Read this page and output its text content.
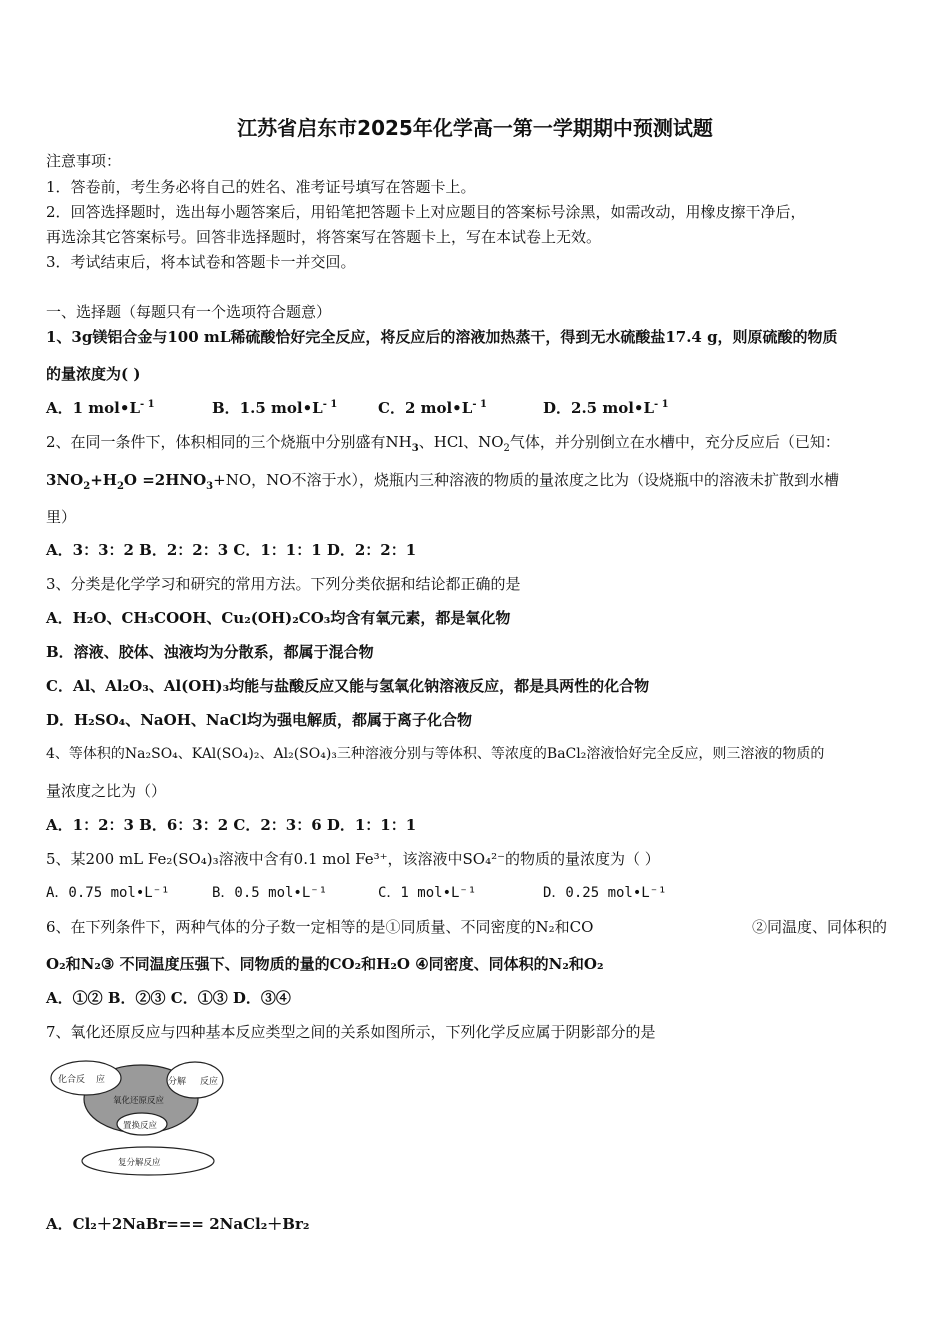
江苏省启东市2025年化学高一第一学期期中预测试题
注意事项：
1．答卷前，考生务必将自己的姓名、准考证号填写在答题卡上。
2．回答选择题时，选出每小题答案后，用铅笔把答题卡上对应题目的答案标号涂黑，如需改动，用橡皮擦干净后，
再选涂其它答案标号。回答非选择题时，将答案写在答题卡上，写在本试卷上无效。
3．考试结束后，将本试卷和答题卡一并交回。
一、选择题（每题只有一个选项符合题意）
1、3g镁铝合金与100 mL稀硫酸恰好完全反应，将反应后的溶液加热蒸干，得到无水硫酸盐17.4 g，则原硫酸的物质
的量浓度为( )
A．1 $mol•L^{- 1}$	B．1.5 $mol•L^{- 1}$	C．2 $mol•L^{- 1}$	D．2.5 $mol•L^{- 1}$
2、在同一条件下，体积相同的三个烧瓶中分别盛有$NH_3$、HCl、$NO_2$气体，并分别倒立在水槽中，充分反应后（已知：
$3NO_2+H_2O =2HNO_3+NO$，NO不溶于水），烧瓶内三种溶液的物质的量浓度之比为（设烧瓶中的溶液未扩散到水槽
里）
A．3：3：2 B．2：2：3 C．1：1：1 D．2：2：1
3、分类是化学学习和研究的常用方法。下列分类依据和结论都正确的是
A．H₂O、CH₃COOH、Cu₂(OH)₂CO₃均含有氧元素，都是氧化物
B．溶液、胶体、浊液均为分散系，都属于混合物
C．Al、Al₂O₃、Al(OH)₃均能与盐酸反应又能与氢氧化钠溶液反应，都是具两性的化合物
D．H₂SO₄、NaOH、NaCl均为强电解质，都属于离子化合物
4、等体积的Na₂SO₄、KAl(SO₄)₂、Al₂(SO₄)₃三种溶液分别与等体积、等浓度的BaCl₂溶液恰好完全反应，则三溶液的物质的
量浓度之比为（）
A．1：2：3 B．6：3：2 C．2：3：6 D．1：1：1
5、某200 mL Fe₂(SO₄)₃溶液中含有0.1 mol Fe³⁺，该溶液中SO₄²⁻的物质的量浓度为（ ）
A．0.75 mol•L⁻¹	B．0.5 mol•L⁻¹	C．1 mol•L⁻¹	D．0.25 mol•L⁻¹
6、在下列条件下，两种气体的分子数一定相等的是①同质量、不同密度的N₂和CO	②同温度、同体积的
O₂和N₂③ 不同温度压强下、同物质的量的CO₂和H₂O ④同密度、同体积的N₂和O₂
A．①② B．②③ C．①③ D．③④
7、氧化还原反应与四种基本反应类型之间的关系如图所示，下列化学反应属于阴影部分的是
化合反 应	分解 反应
氧化还原反应
置换反应
复分解反应
A．Cl₂＋2NaBr=== 2NaCl₂＋Br₂
